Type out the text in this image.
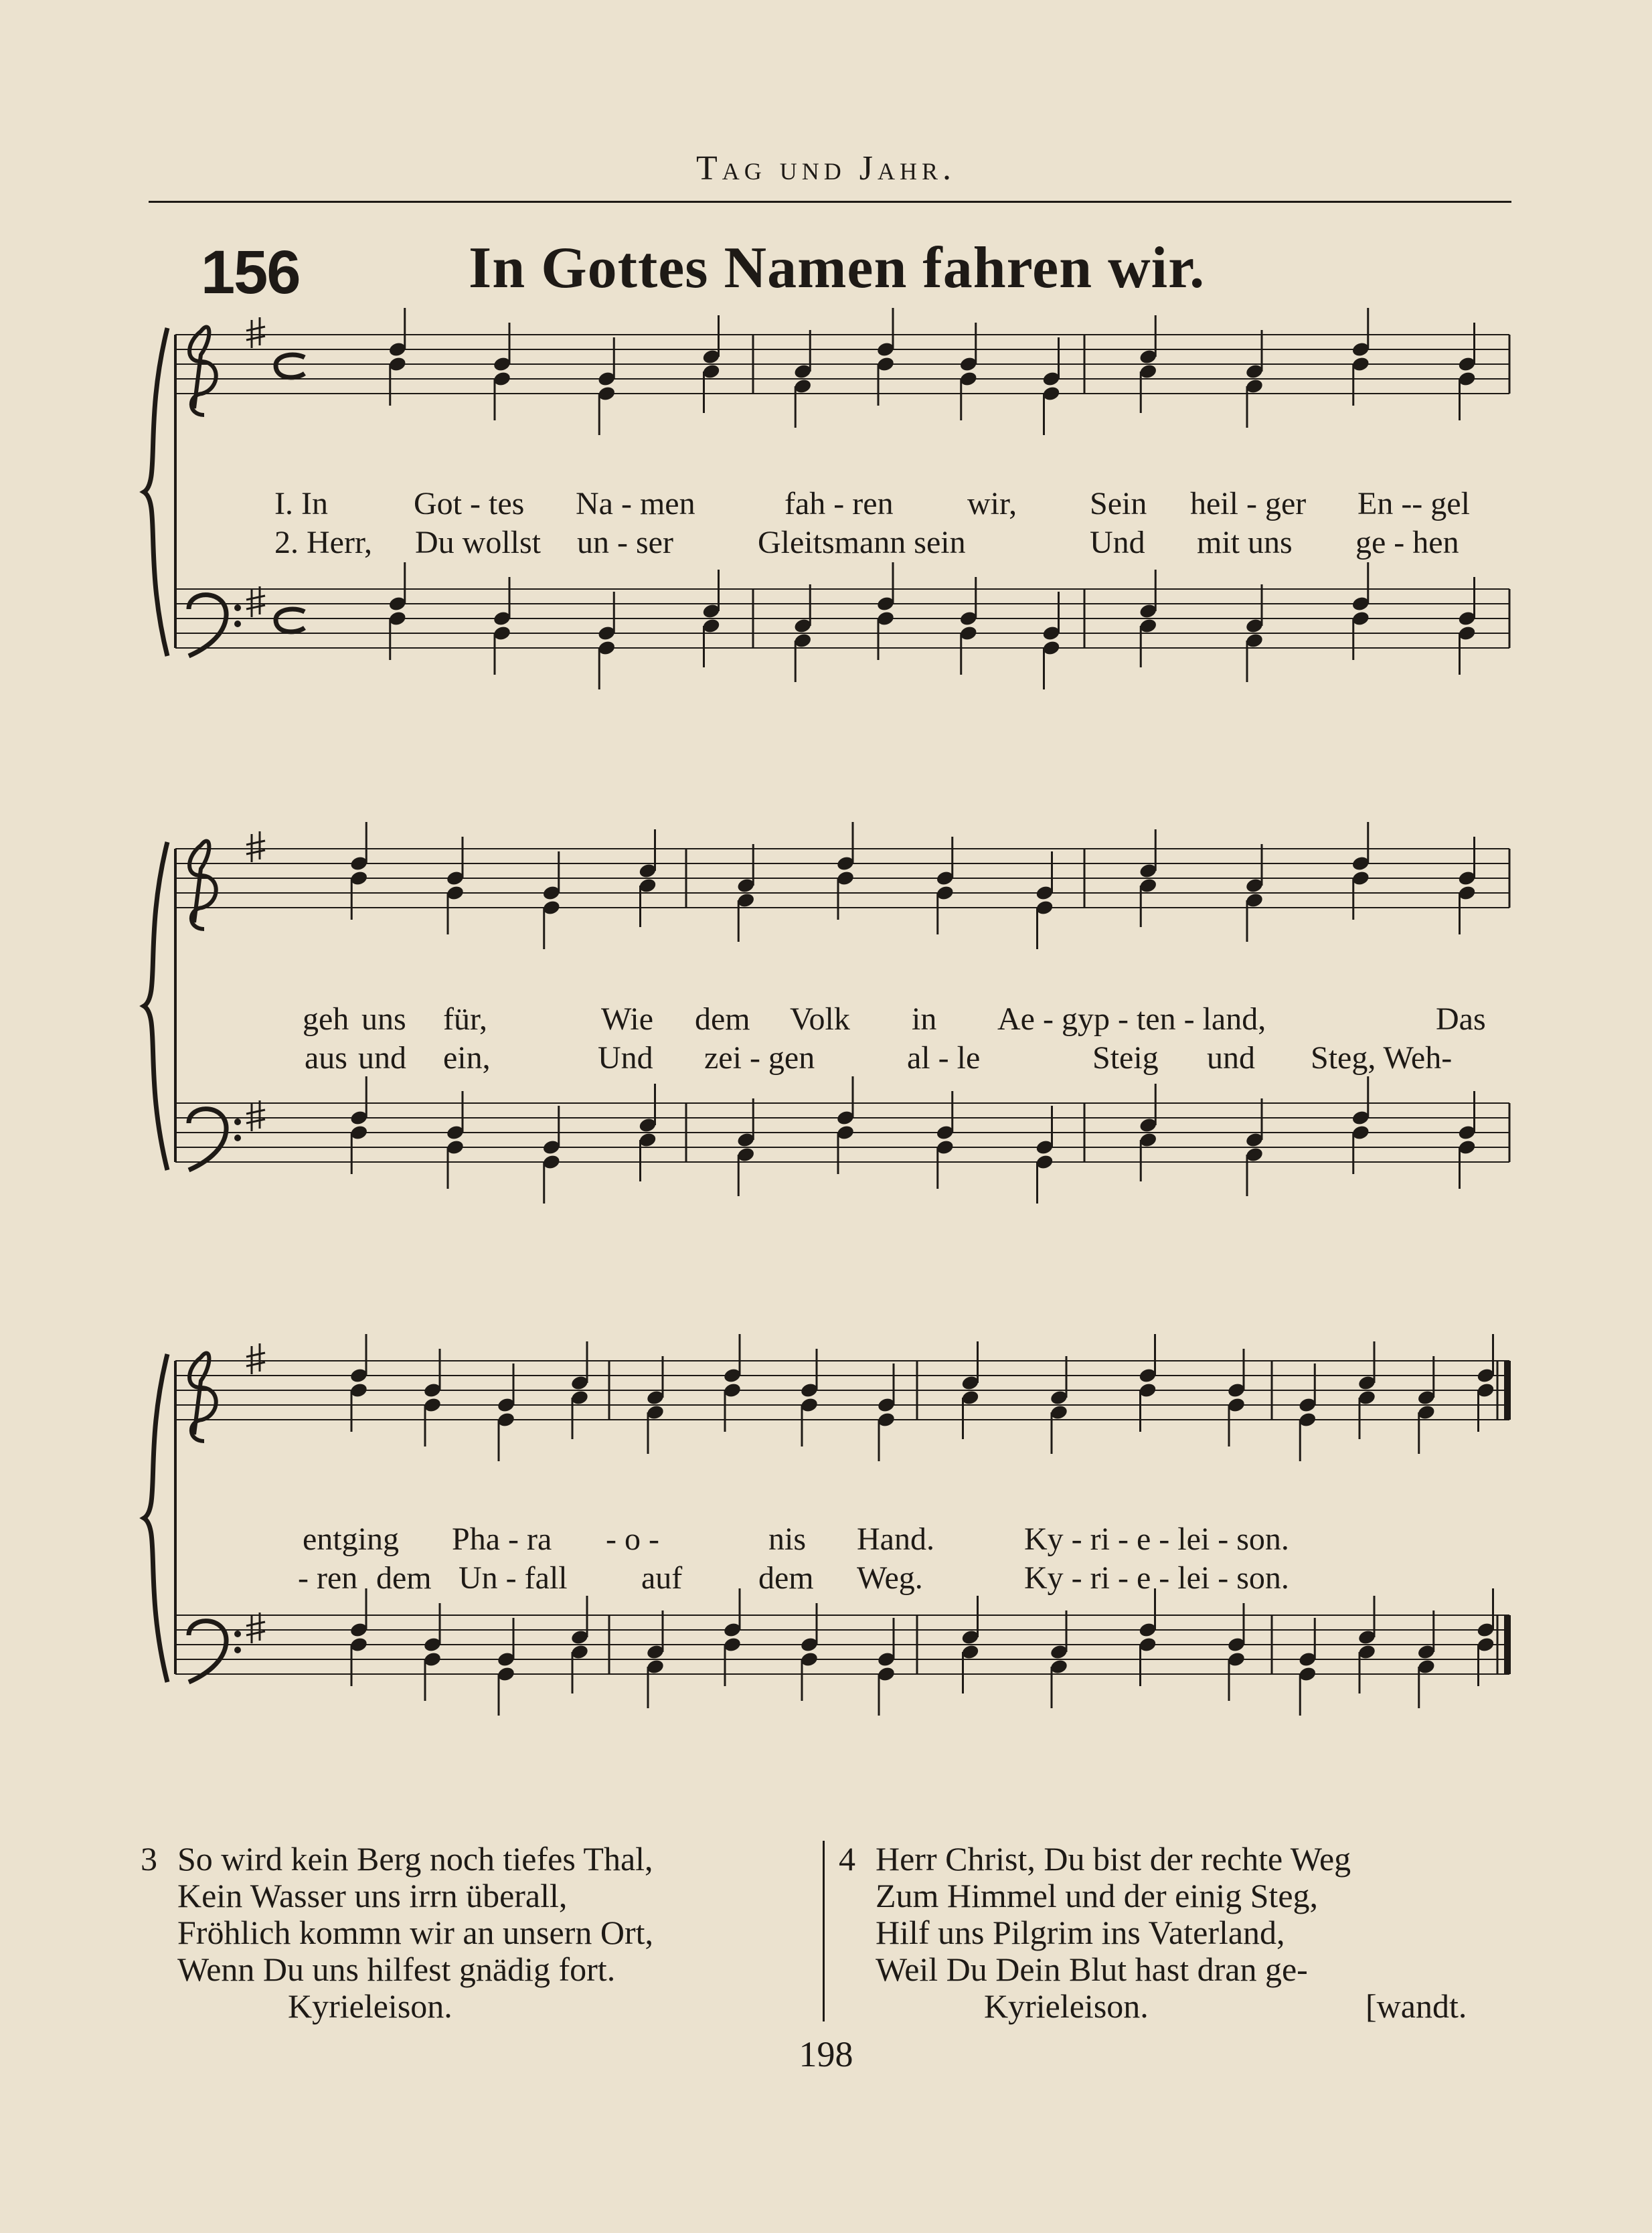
Tag und Jahr.
156	In Gottes Namen fahren wir.
I. In	Got - tes Na - men	fah - ren wir, Sein heil - ger En -- gel
2. Herr, Du wollst un - ser	Gleitsmann sein	Und mit uns ge - hen
geh uns für,	Wie dem Volk in Ae - gyp - ten - land,	Das
aus und ein,	Und zei - gen	al - le	Steig und Steg, Weh-
entging Pha - ra - o -	nis Hand.	Ky - ri - e - lei - son.
- ren dem Un - fall auf dem Weg.	Ky - ri - e - lei - son.
3 So wird kein Berg noch tiefes Thal,
Kein Wasser uns irrn überall,
Fröhlich kommn wir an unsern Ort,
Wenn Du uns hilfest gnädig fort.
Kyrieleison.
4 Herr Christ, Du bist der rechte Weg
Zum Himmel und der einig Steg,
Hilf uns Pilgrim ins Vaterland,
Weil Du Dein Blut hast dran ge-
Kyrieleison.	[wandt.
198
